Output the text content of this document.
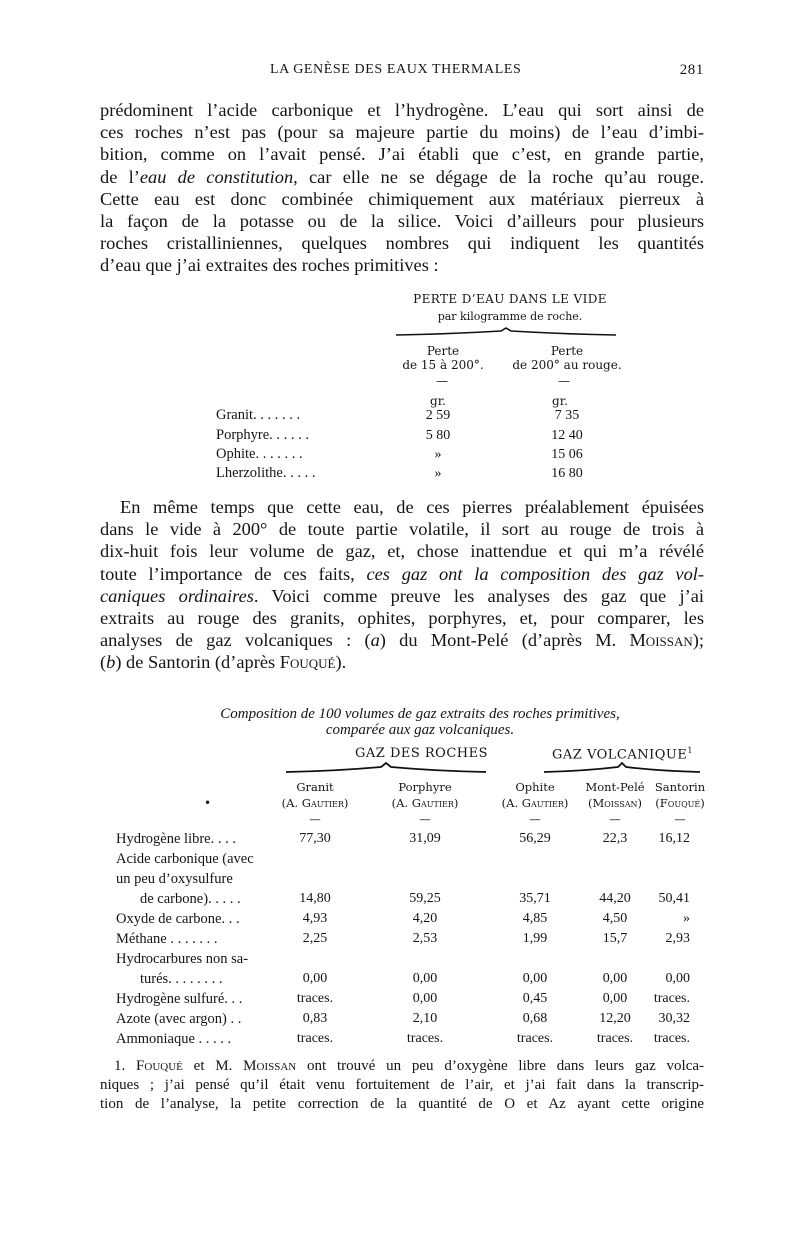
LA GENÈSE DES EAUX THERMALES	281
prédominent l’acide carbonique et l’hydrogène. L’eau qui sort ainsi de
ces roches n’est pas (pour sa majeure partie du moins) de l’eau d’imbi-
bition, comme on l’avait pensé. J’ai établi que c’est, en grande partie,
de l’eau de constitution, car elle ne se dégage de la roche qu’au rouge.
Cette eau est donc combinée chimiquement aux matériaux pierreux à
la façon de la potasse ou de la silice. Voici d’ailleurs pour plusieurs
roches cristalliniennes, quelques nombres qui indiquent les quantités
d’eau que j’ai extraites des roches primitives :
PERTE D’EAU DANS LE VIDE
par kilogramme de roche.
Perte
de 15 à 200°.
Perte
de 200° au rouge.
—	—
gr.	gr.
Granit. . . . . . .	2 59	7 35
Porphyre. . . . . .	5 80	12 40
Ophite. . . . . . .	»	15 06
Lherzolithe. . . . .	»	16 80
En même temps que cette eau, de ces pierres préalablement épuisées
dans le vide à 200° de toute partie volatile, il sort au rouge de trois à
dix-huit fois leur volume de gaz, et, chose inattendue et qui m’a révélé
toute l’importance de ces faits, ces gaz ont la composition des gaz vol-
caniques ordinaires. Voici comme preuve les analyses des gaz que j’ai
extraits au rouge des granits, ophites, porphyres, et, pour comparer, les
analyses de gaz volcaniques : (a) du Mont-Pelé (d’après M. Moissan);
(b) de Santorin (d’après Fouqué).
Composition de 100 volumes de gaz extraits des roches primitives,
comparée aux gaz volcaniques.
GAZ DES ROCHES	GAZ VOLCANIQUE$^1$
•
Granit
(A. Gautier)
—
Porphyre
(A. Gautier)
—
Ophite
(A. Gautier)
—
Mont-Pelé
(Moissan)
—
Santorin
(Fouqué)
—
Hydrogène libre. . . .	77,30	31,09	56,29	22,3	16,12
Acide carbonique (avec
un peu d’oxysulfure
de carbone). . . . .	14,80	59,25	35,71	44,20	50,41
Oxyde de carbone. . .	4,93	4,20	4,85	4,50	»
Méthane . . . . . . .	2,25	2,53	1,99	15,7	2,93
Hydrocarbures non sa-
turés. . . . . . . .	0,00	0,00	0,00	0,00	0,00
Hydrogène sulfuré. . .	traces.	0,00	0,45	0,00	traces.
Azote (avec argon) . .	0,83	2,10	0,68	12,20	30,32
Ammoniaque . . . . .	traces.	traces.	traces.	traces.	traces.
1. Fouqué et M. Moissan ont trouvé un peu d’oxygène libre dans leurs gaz volca-
niques ; j’ai pensé qu’il était venu fortuitement de l’air, et j’ai fait dans la transcrip-
tion de l’analyse, la petite correction de la quantité de O et Az ayant cette origine
